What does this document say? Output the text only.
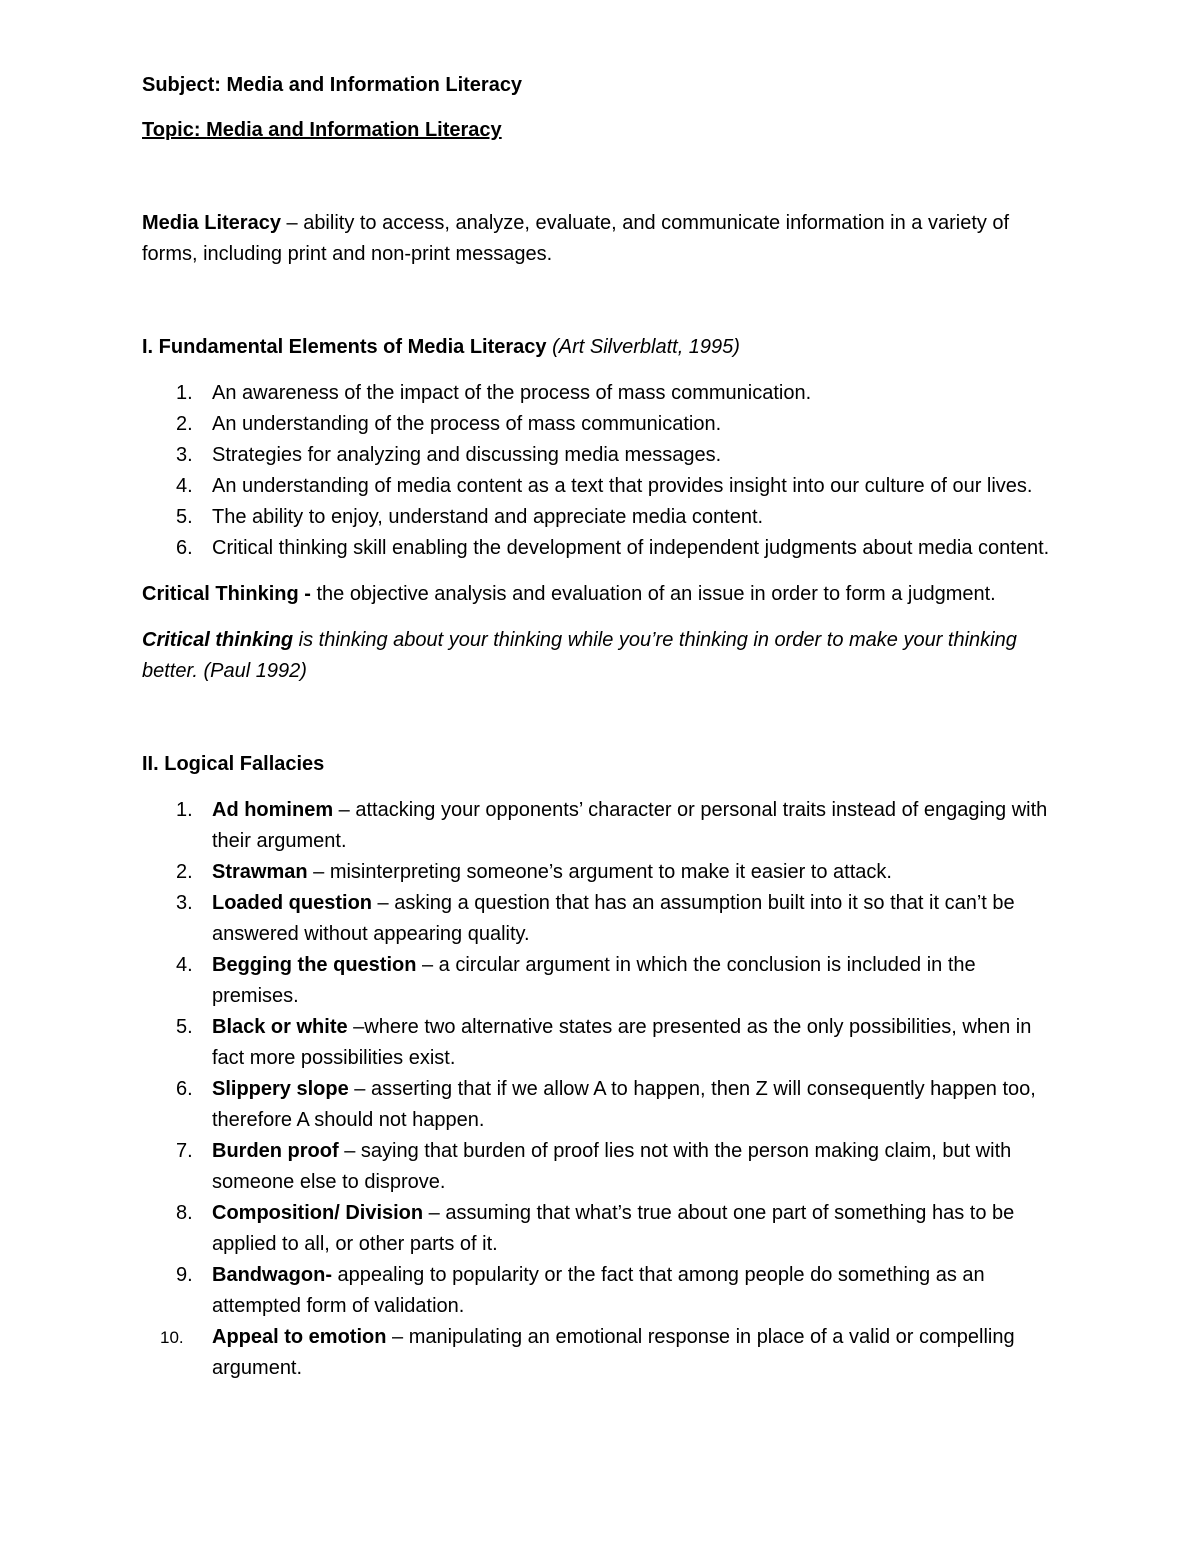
Subject: Media and Information Literacy

Topic: Media and Information Literacy

Media Literacy – ability to access, analyze, evaluate, and communicate information in a variety of forms, including print and non-print messages.

I. Fundamental Elements of Media Literacy (Art Silverblatt, 1995)

1. An awareness of the impact of the process of mass communication.
2. An understanding of the process of mass communication.
3. Strategies for analyzing and discussing media messages.
4. An understanding of media content as a text that provides insight into our culture of our lives.
5. The ability to enjoy, understand and appreciate media content.
6. Critical thinking skill enabling the development of independent judgments about media content.

Critical Thinking - the objective analysis and evaluation of an issue in order to form a judgment.

Critical thinking is thinking about your thinking while you’re thinking in order to make your thinking better. (Paul 1992)

II. Logical Fallacies

1. Ad hominem – attacking your opponents’ character or personal traits instead of engaging with their argument.
2. Strawman – misinterpreting someone’s argument to make it easier to attack.
3. Loaded question – asking a question that has an assumption built into it so that it can’t be answered without appearing quality.
4. Begging the question – a circular argument in which the conclusion is included in the premises.
5. Black or white –where two alternative states are presented as the only possibilities, when in fact more possibilities exist.
6. Slippery slope – asserting that if we allow A to happen, then Z will consequently happen too, therefore A should not happen.
7. Burden proof – saying that burden of proof lies not with the person making claim, but with someone else to disprove.
8. Composition/ Division – assuming that what’s true about one part of something has to be applied to all, or other parts of it.
9. Bandwagon- appealing to popularity or the fact that among people do something as an attempted form of validation.
10. Appeal to emotion – manipulating an emotional response in place of a valid or compelling argument.
